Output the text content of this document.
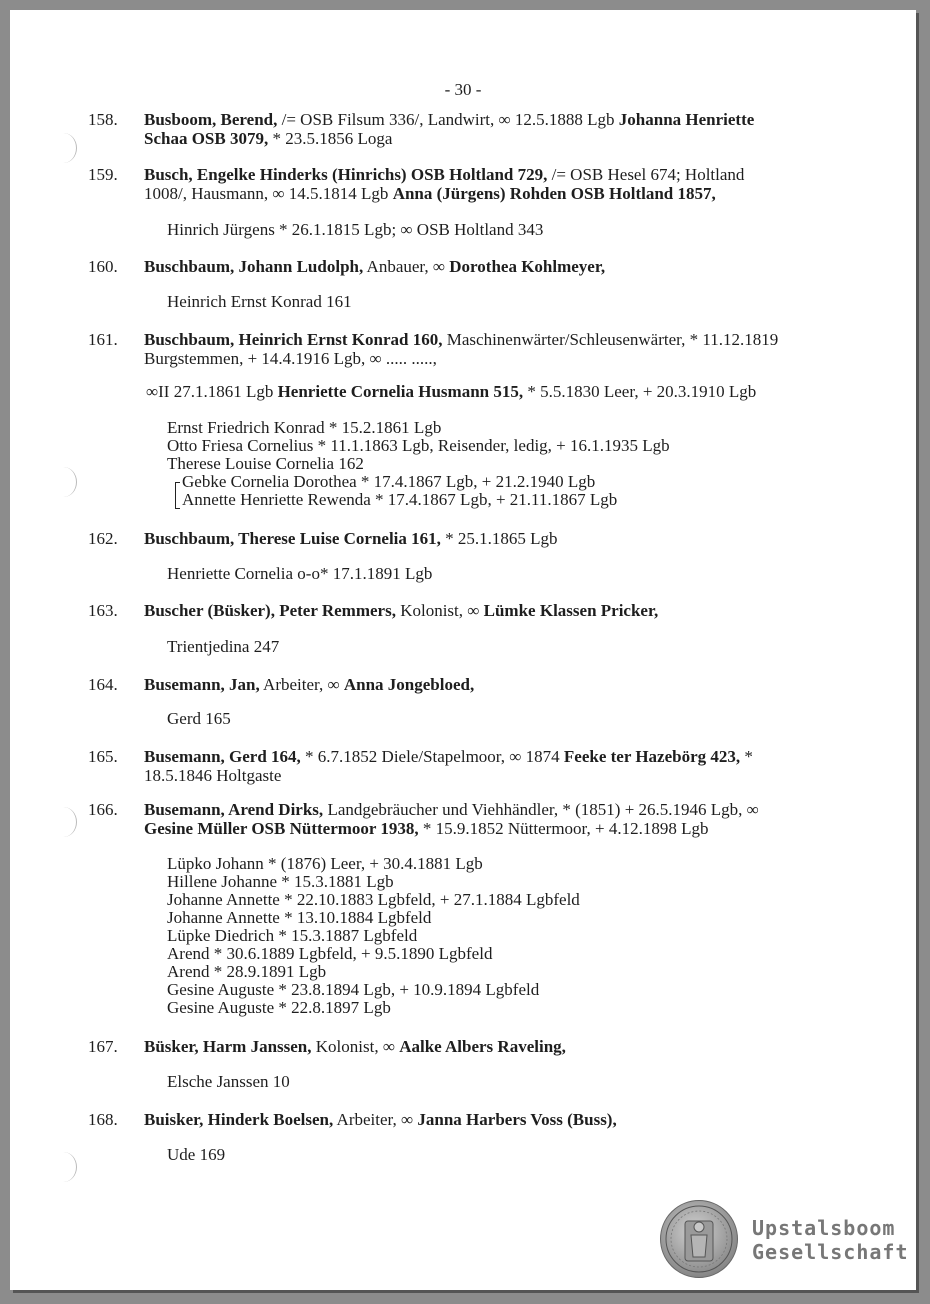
- 30 -
158. Busboom, Berend, /= OSB Filsum 336/, Landwirt, ∞ 12.5.1888 Lgb Johanna Henriette
Schaa OSB 3079, * 23.5.1856 Loga
159. Busch, Engelke Hinderks (Hinrichs) OSB Holtland 729, /= OSB Hesel 674; Holtland
1008/, Hausmann, ∞ 14.5.1814 Lgb Anna (Jürgens) Rohden OSB Holtland 1857,
Hinrich Jürgens * 26.1.1815 Lgb; ∞ OSB Holtland 343
160. Buschbaum, Johann Ludolph, Anbauer, ∞ Dorothea Kohlmeyer,
Heinrich Ernst Konrad 161
161. Buschbaum, Heinrich Ernst Konrad 160, Maschinenwärter/Schleusenwärter, * 11.12.1819
Burgstemmen, + 14.4.1916 Lgb, ∞ ..... .....,
∞II 27.1.1861 Lgb Henriette Cornelia Husmann 515, * 5.5.1830 Leer, + 20.3.1910 Lgb
Ernst Friedrich Konrad * 15.2.1861 Lgb
Otto Friesa Cornelius * 11.1.1863 Lgb, Reisender, ledig, + 16.1.1935 Lgb
Therese Louise Cornelia 162
Gebke Cornelia Dorothea * 17.4.1867 Lgb, + 21.2.1940 Lgb
Annette Henriette Rewenda * 17.4.1867 Lgb, + 21.11.1867 Lgb
162. Buschbaum, Therese Luise Cornelia 161, * 25.1.1865 Lgb
Henriette Cornelia o-o* 17.1.1891 Lgb
163. Buscher (Büsker), Peter Remmers, Kolonist, ∞ Lümke Klassen Pricker,
Trientjedina 247
164. Busemann, Jan, Arbeiter, ∞ Anna Jongebloed,
Gerd 165
165. Busemann, Gerd 164, * 6.7.1852 Diele/Stapelmoor, ∞ 1874 Feeke ter Hazebörg 423, *
18.5.1846 Holtgaste
166. Busemann, Arend Dirks, Landgebräucher und Viehhändler, * (1851) + 26.5.1946 Lgb, ∞
Gesine Müller OSB Nüttermoor 1938, * 15.9.1852 Nüttermoor, + 4.12.1898 Lgb
Lüpko Johann * (1876) Leer, + 30.4.1881 Lgb
Hillene Johanne * 15.3.1881 Lgb
Johanne Annette * 22.10.1883 Lgbfeld, + 27.1.1884 Lgbfeld
Johanne Annette * 13.10.1884 Lgbfeld
Lüpke Diedrich * 15.3.1887 Lgbfeld
Arend * 30.6.1889 Lgbfeld, + 9.5.1890 Lgbfeld
Arend * 28.9.1891 Lgb
Gesine Auguste * 23.8.1894 Lgb, + 10.9.1894 Lgbfeld
Gesine Auguste * 22.8.1897 Lgb
167. Büsker, Harm Janssen, Kolonist, ∞ Aalke Albers Raveling,
Elsche Janssen 10
168. Buisker, Hinderk Boelsen, Arbeiter, ∞ Janna Harbers Voss (Buss),
Ude 169
Upstalsboom
Gesellschaft
